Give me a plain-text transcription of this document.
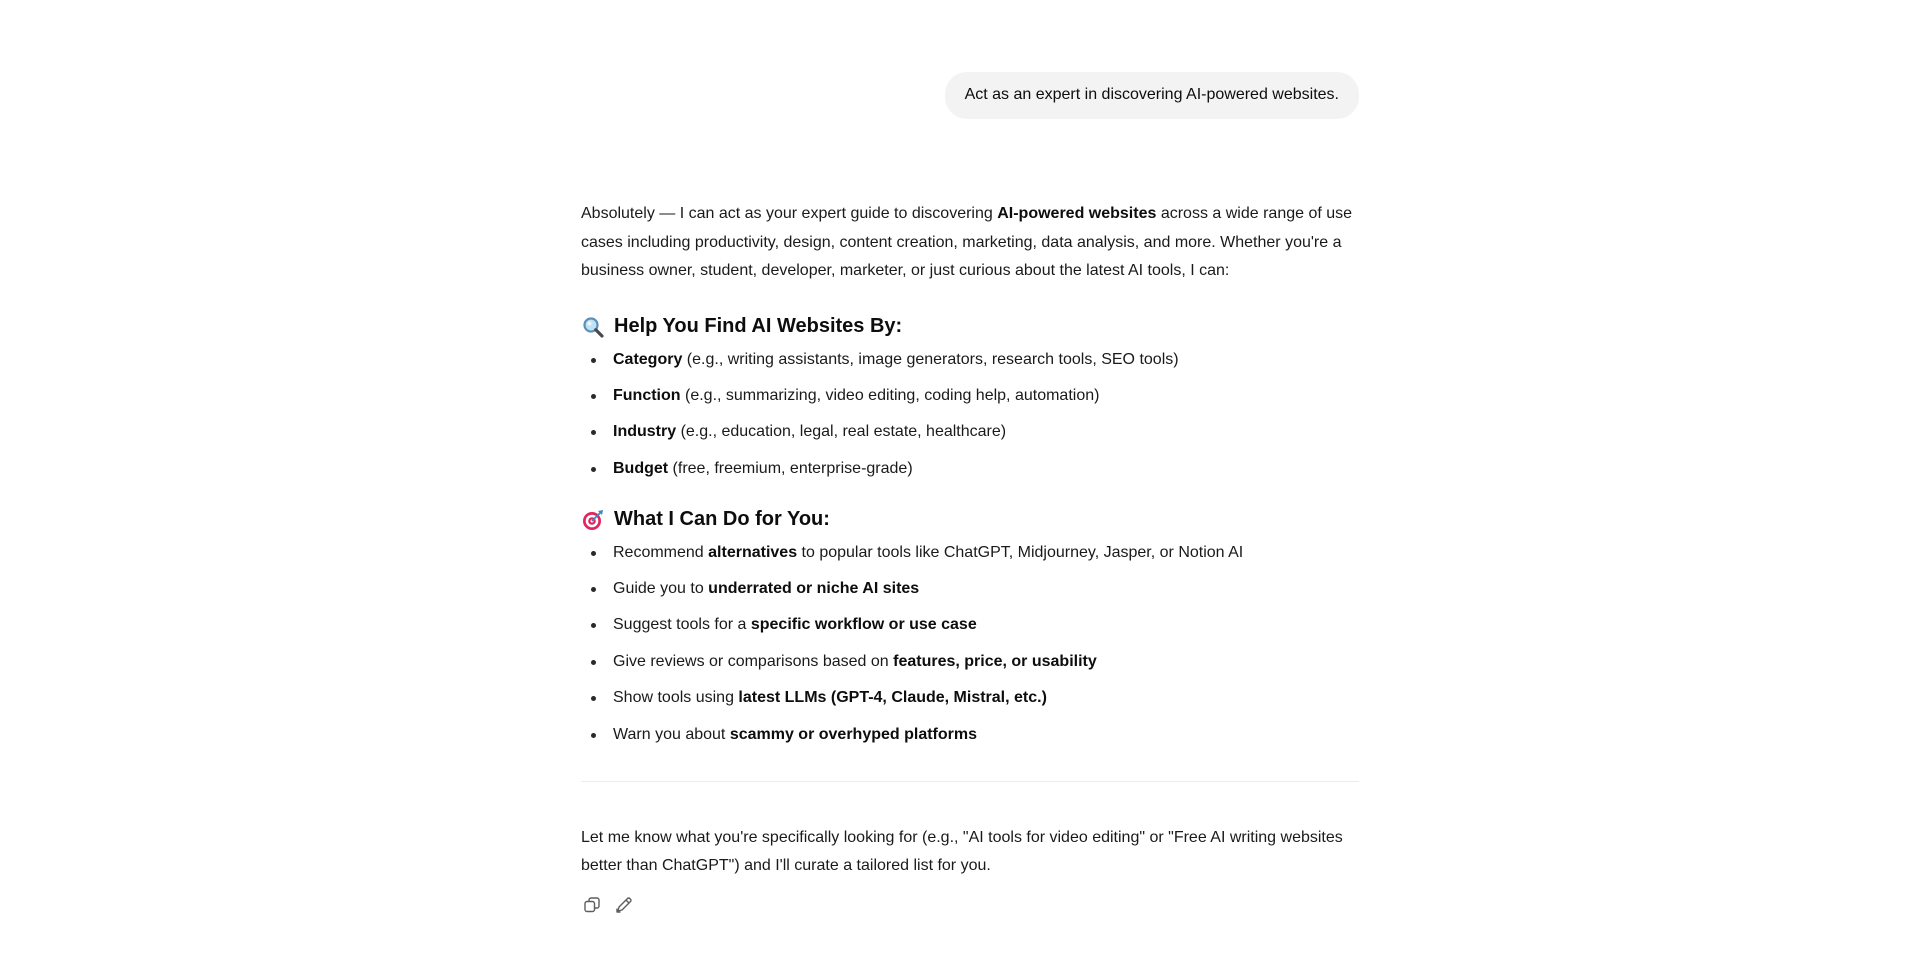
Act as an expert in discovering AI-powered websites.

Absolutely — I can act as your expert guide to discovering AI-powered websites across a wide range of use cases including productivity, design, content creation, marketing, data analysis, and more. Whether you're a business owner, student, developer, marketer, or just curious about the latest AI tools, I can:

Help You Find AI Websites By:
Category (e.g., writing assistants, image generators, research tools, SEO tools)
Function (e.g., summarizing, video editing, coding help, automation)
Industry (e.g., education, legal, real estate, healthcare)
Budget (free, freemium, enterprise-grade)
What I Can Do for You:
Recommend alternatives to popular tools like ChatGPT, Midjourney, Jasper, or Notion AI
Guide you to underrated or niche AI sites
Suggest tools for a specific workflow or use case
Give reviews or comparisons based on features, price, or usability
Show tools using latest LLMs (GPT-4, Claude, Mistral, etc.)
Warn you about scammy or overhyped platforms

Let me know what you're specifically looking for (e.g., "AI tools for video editing" or "Free AI writing websites better than ChatGPT") and I'll curate a tailored list for you.
